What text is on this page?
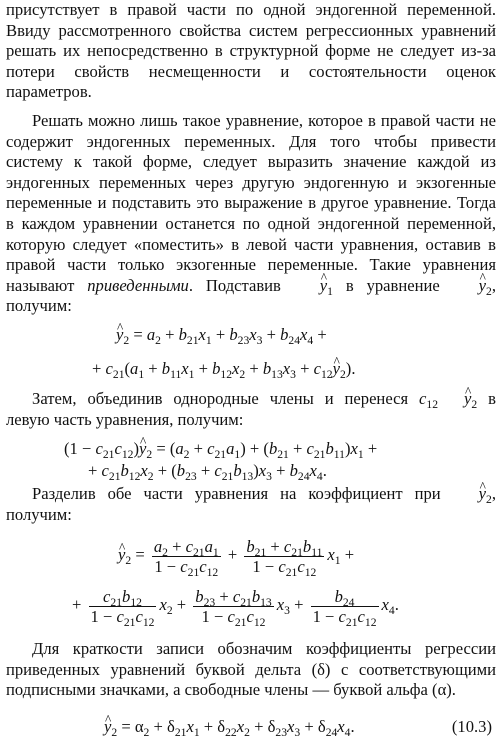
присутствует в правой части по одной эндогенной переменной. Ввиду рассмотренного свойства систем регрессионных уравнений решать их непосредственно в структурной форме не следует из-за потери свойств несмещенности и состоятельности оценок параметров.

Решать можно лишь такое уравнение, которое в правой части не содержит эндогенных переменных. Для того чтобы привести систему к такой форме, следует выразить значение каждой из эндогенных переменных через другую эндогенную и экзогенные переменные и подставить это выражение в другое уравнение. Тогда в каждом уравнении останется по одной эндогенной переменной, которую следует «поместить» в левой части уравнения, оставив в правой части только экзогенные переменные. Такие уравнения называют приведенными. Подставив ^ $y_1$ в уравнение ^ $y_2$, получим:

^ $y_2 = a_2 + b_{21}x_1 + b_{23}x_3 + b_{24}x_4$ +
+ $c_{21}(a_1 + b_{11}x_1 + b_{12}x_2 + b_{13}x_3$ + $c_{12}\^{}$ $y_2$).

Затем, объединив однородные члены и перенеся $c_{12}\^{}$ $y_2$ в левую часть уравнения, получим:

$(1 - c_{21}c_{12})\^{}$ $y_2 = (a_2 + c_{21}a_1) + (b_{21} + c_{21}b_{11})x_1$ +
+ $c_{21}b_{12}x_2 + (b_{23} + c_{21}b_{13})x_3 + b_{24}x_4$.

Разделив обе части уравнения на коэффициент при ^ $y_2$, получим:

^ $y_2 = \frac{a_2 + c_{21}a_1}{1 - c_{21}c_{12}} + \frac{b_{21} + c_{21}b_{11}}{1 - c_{21}c_{12}} x_1$ +
+ $\frac{c_{21}b_{12}}{1 - c_{21}c_{12}} x_2 + \frac{b_{23} + c_{21}b_{13}}{1 - c_{21}c_{12}} x_3 + \frac{b_{24}}{1 - c_{21}c_{12}} x_4$.

Для краткости записи обозначим коэффициенты регрессии приведенных уравнений буквой дельта (δ) с соответствующими подписными значками, а свободные члены — буквой альфа (α).

^ $y_2 = \alpha_2 + \delta_{21}x_1 + \delta_{22}x_2 + \delta_{23}x_3 + \delta_{24}x_4$.	(10.3)
